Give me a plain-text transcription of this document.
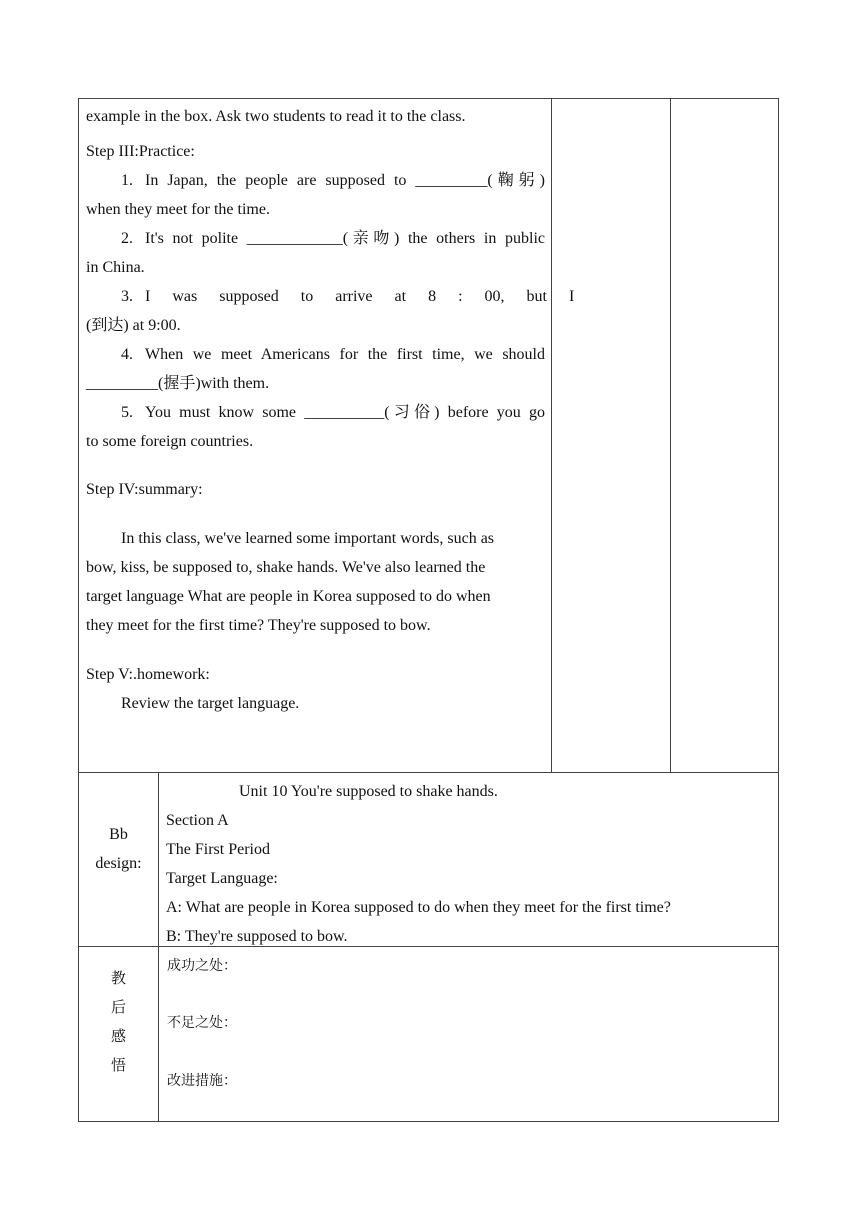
example in the box. Ask two students to read it to the class.
Step III:Practice:
1. In Japan, the people are supposed to _________(鞠躬)
when they meet for the time.
2. It's not polite ____________(亲吻) the others in public
in China.
3. I was supposed to arrive at 8 : 00, but I
(到达) at 9:00.
4. When we meet Americans for the first time, we should
_________(握手)with them.
5. You must know some __________(习俗) before you go
to some foreign countries.
Step IV:summary:
In this class, we've learned some important words, such as
bow, kiss, be supposed to, shake hands. We've also learned the
target language What are people in Korea supposed to do when
they meet for the first time? They're supposed to bow.
Step V:.homework:
Review the target language.
Bb
design:
Unit 10 You're supposed to shake hands.
Section A
The First Period
Target Language:
A: What are people in Korea supposed to do when they meet for the first time?
B: They're supposed to bow.
教
后
感
悟
成功之处：
不足之处：
改进措施：
